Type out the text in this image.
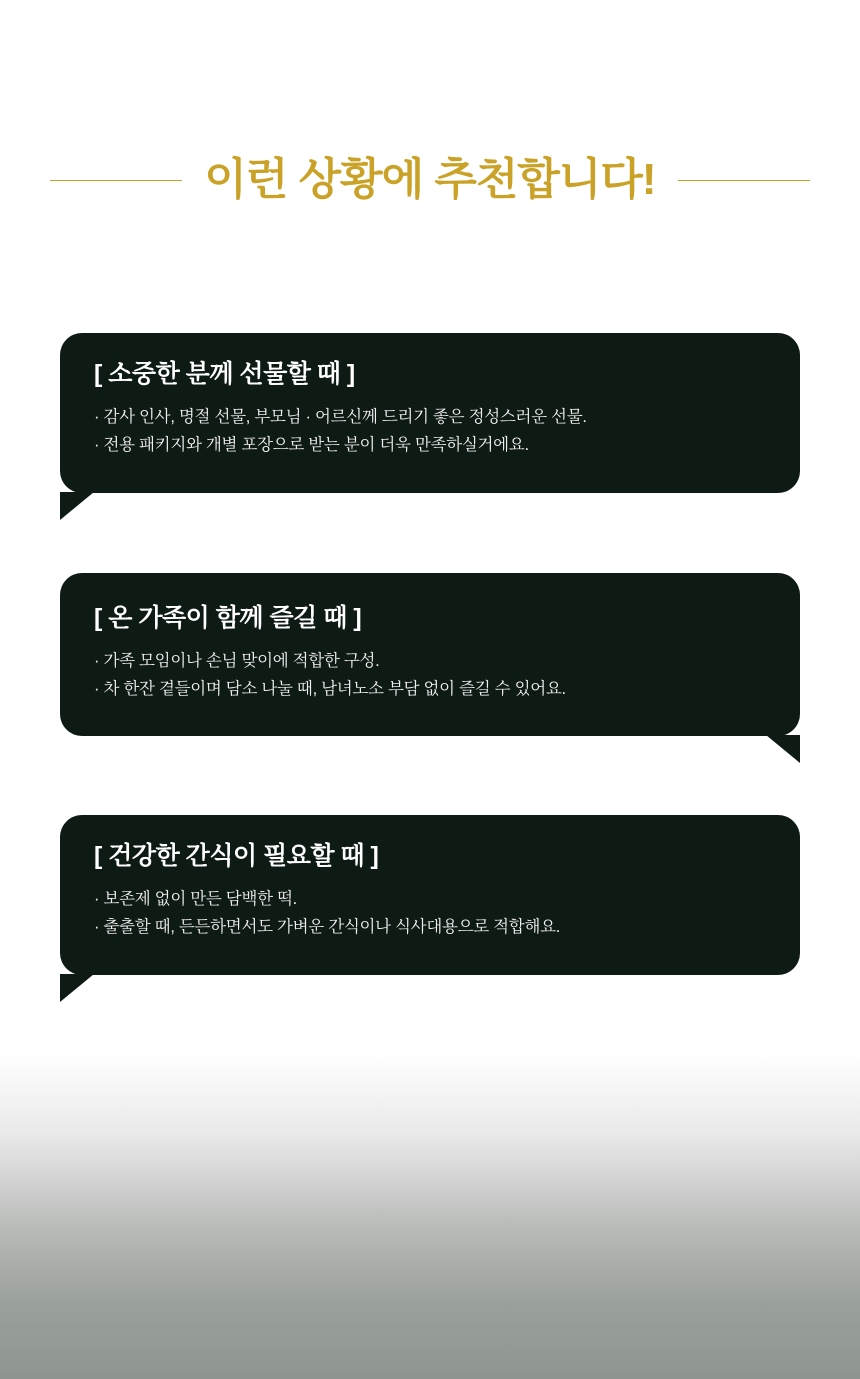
이런 상황에 추천합니다!

[ 소중한 분께 선물할 때 ]

· 감사 인사, 명절 선물, 부모님 · 어르신께 드리기 좋은 정성스러운 선물.

· 전용 패키지와 개별 포장으로 받는 분이 더욱 만족하실거에요.

[ 온 가족이 함께 즐길 때 ]

· 가족 모임이나 손님 맞이에 적합한 구성.

· 차 한잔 곁들이며 담소 나눌 때, 남녀노소 부담 없이 즐길 수 있어요.

[ 건강한 간식이 필요할 때 ]

· 보존제 없이 만든 담백한 떡.

· 출출할 때, 든든하면서도 가벼운 간식이나 식사대용으로 적합해요.
